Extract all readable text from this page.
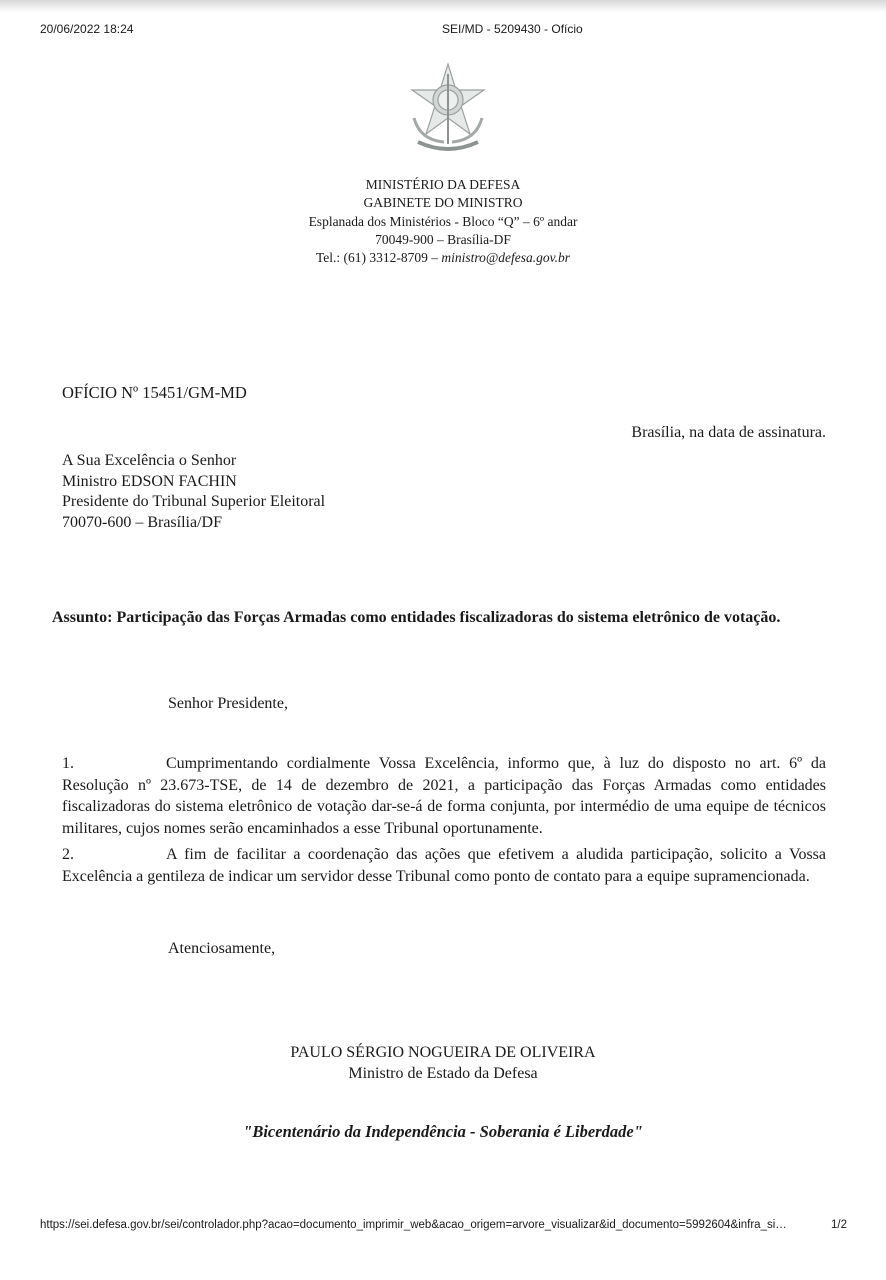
20/06/2022 18:24	SEI/MD - 5209430 - Ofício
MINISTÉRIO DA DEFESA
GABINETE DO MINISTRO
Esplanada dos Ministérios - Bloco “Q” – 6º andar
70049-900 – Brasília-DF
Tel.: (61) 3312-8709 – ministro@defesa.gov.br
OFÍCIO Nº 15451/GM-MD
Brasília, na data de assinatura.
A Sua Excelência o Senhor
Ministro EDSON FACHIN
Presidente do Tribunal Superior Eleitoral
70070-600 – Brasília/DF
Assunto: Participação das Forças Armadas como entidades fiscalizadoras do sistema eletrônico de votação.
Senhor Presidente,
1.	Cumprimentando cordialmente Vossa Excelência, informo que, à luz do disposto no art. 6º da Resolução nº 23.673-TSE, de 14 de dezembro de 2021, a participação das Forças Armadas como entidades fiscalizadoras do sistema eletrônico de votação dar-se-á de forma conjunta, por intermédio de uma equipe de técnicos militares, cujos nomes serão encaminhados a esse Tribunal oportunamente.
2.	A fim de facilitar a coordenação das ações que efetivem a aludida participação, solicito a Vossa Excelência a gentileza de indicar um servidor desse Tribunal como ponto de contato para a equipe supramencionada.
Atenciosamente,
PAULO SÉRGIO NOGUEIRA DE OLIVEIRA
Ministro de Estado da Defesa
"Bicentenário da Independência - Soberania é Liberdade"
https://sei.defesa.gov.br/sei/controlador.php?acao=documento_imprimir_web&acao_origem=arvore_visualizar&id_documento=5992604&infra_si…	1/2
